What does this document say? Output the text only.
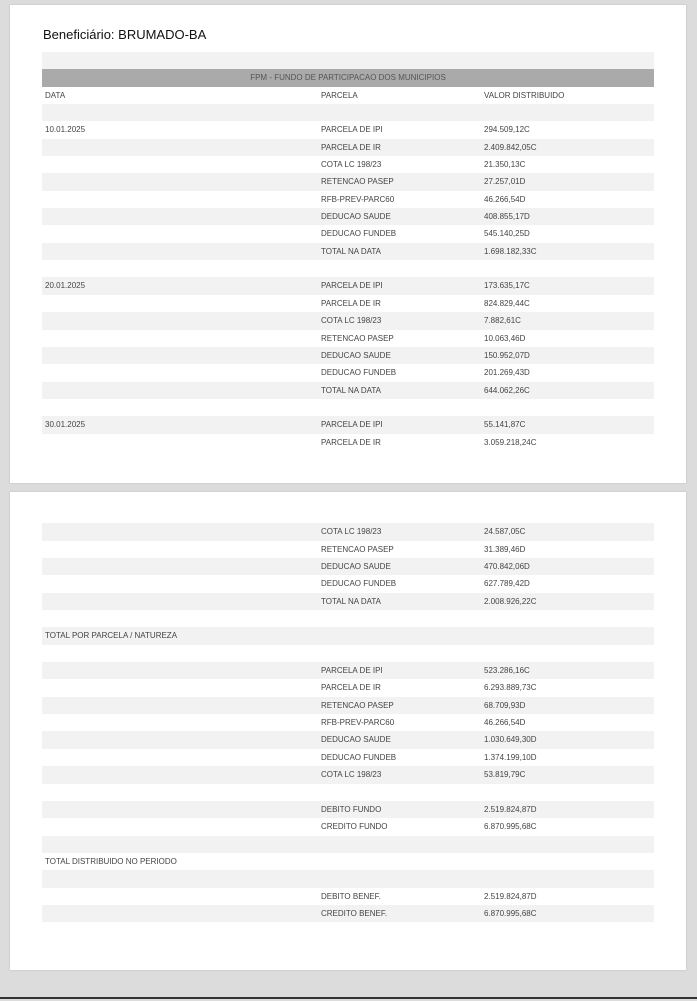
Beneficiário: BRUMADO-BA
FPM - FUNDO DE PARTICIPACAO DOS MUNICIPIOS
DATA	PARCELA	VALOR DISTRIBUIDO
10.01.2025	PARCELA DE IPI	294.509,12C
PARCELA DE IR	2.409.842,05C
COTA LC 198/23	21.350,13C
RETENCAO PASEP	27.257,01D
RFB-PREV-PARC60	46.266,54D
DEDUCAO SAUDE	408.855,17D
DEDUCAO FUNDEB	545.140,25D
TOTAL NA DATA	1.698.182,33C
20.01.2025	PARCELA DE IPI	173.635,17C
PARCELA DE IR	824.829,44C
COTA LC 198/23	7.882,61C
RETENCAO PASEP	10.063,46D
DEDUCAO SAUDE	150.952,07D
DEDUCAO FUNDEB	201.269,43D
TOTAL NA DATA	644.062,26C
30.01.2025	PARCELA DE IPI	55.141,87C
PARCELA DE IR	3.059.218,24C
COTA LC 198/23	24.587,05C
RETENCAO PASEP	31.389,46D
DEDUCAO SAUDE	470.842,06D
DEDUCAO FUNDEB	627.789,42D
TOTAL NA DATA	2.008.926,22C
TOTAL POR PARCELA / NATUREZA
PARCELA DE IPI	523.286,16C
PARCELA DE IR	6.293.889,73C
RETENCAO PASEP	68.709,93D
RFB-PREV-PARC60	46.266,54D
DEDUCAO SAUDE	1.030.649,30D
DEDUCAO FUNDEB	1.374.199,10D
COTA LC 198/23	53.819,79C
DEBITO FUNDO	2.519.824,87D
CREDITO FUNDO	6.870.995,68C
TOTAL DISTRIBUIDO NO PERIODO
DEBITO BENEF.	2.519.824,87D
CREDITO BENEF.	6.870.995,68C
